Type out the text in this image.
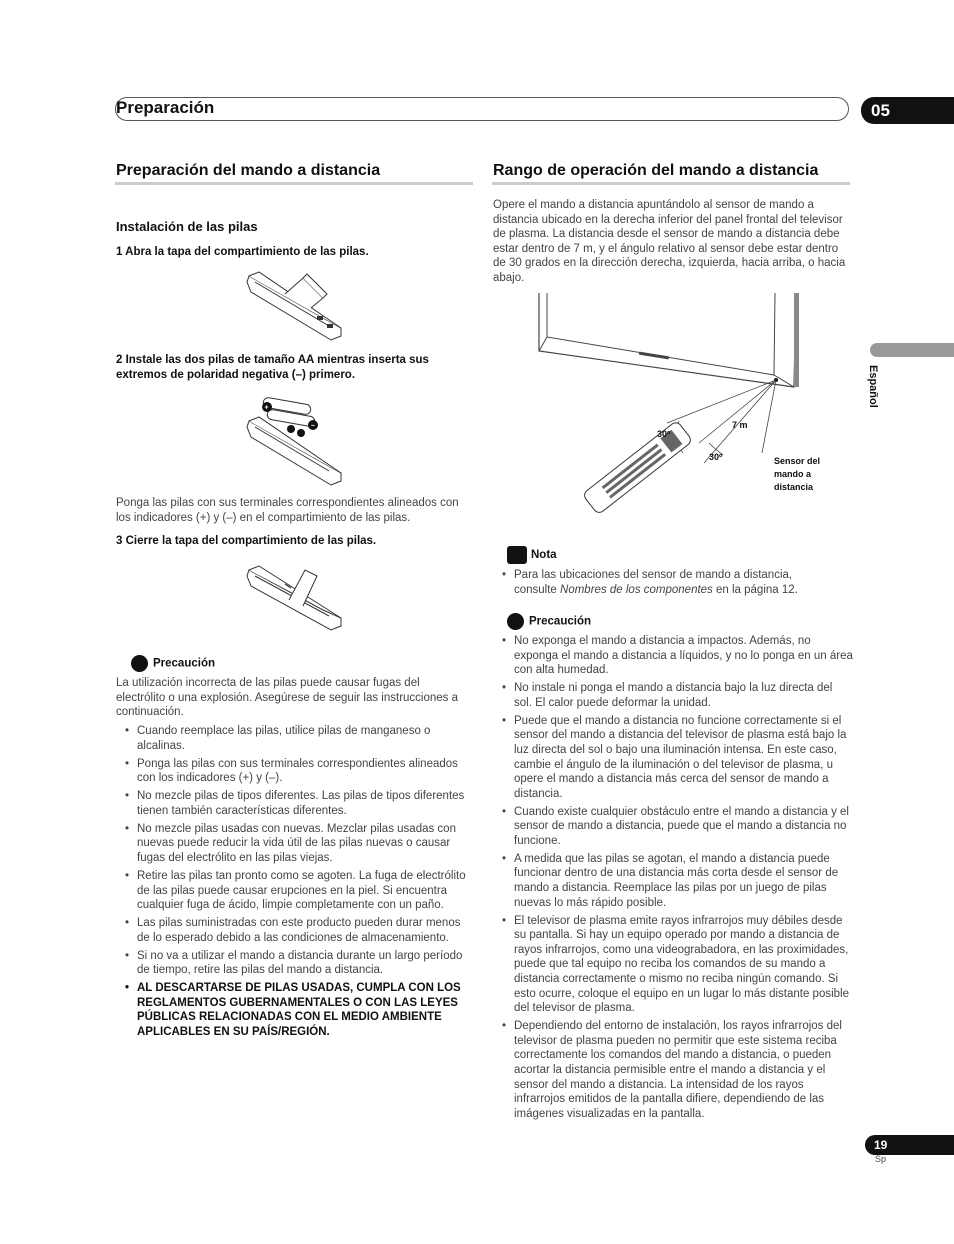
Preparación	05
Preparación del mando a distancia
Instalación de las pilas
1 Abra la tapa del compartimiento de las pilas.
2 Instale las dos pilas de tamaño AA mientras inserta sus extremos de polaridad negativa (–) primero.
+
–
Ponga las pilas con sus terminales correspondientes alineados con los indicadores (+) y (–) en el compartimiento de las pilas.
3 Cierre la tapa del compartimiento de las pilas.
Precaución
La utilización incorrecta de las pilas puede causar fugas del electrólito o una explosión. Asegúrese de seguir las instrucciones a continuación.
• Cuando reemplace las pilas, utilice pilas de manganeso o alcalinas.
• Ponga las pilas con sus terminales correspondientes alineados con los indicadores (+) y (–).
• No mezcle pilas de tipos diferentes. Las pilas de tipos diferentes tienen también características diferentes.
• No mezcle pilas usadas con nuevas. Mezclar pilas usadas con nuevas puede reducir la vida útil de las pilas nuevas o causar fugas del electrólito en las pilas viejas.
• Retire las pilas tan pronto como se agoten. La fuga de electrólito de las pilas puede causar erupciones en la piel. Si encuentra cualquier fuga de ácido, limpie completamente con un paño.
• Las pilas suministradas con este producto pueden durar menos de lo esperado debido a las condiciones de almacenamiento.
• Si no va a utilizar el mando a distancia durante un largo período de tiempo, retire las pilas del mando a distancia.
• AL DESCARTARSE DE PILAS USADAS, CUMPLA CON LOS REGLAMENTOS GUBERNAMENTALES O CON LAS LEYES PÚBLICAS RELACIONADAS CON EL MEDIO AMBIENTE APLICABLES EN SU PAÍS/REGIÓN.
Rango de operación del mando a distancia
Opere el mando a distancia apuntándolo al sensor de mando a distancia ubicado en la derecha inferior del panel frontal del televisor de plasma. La distancia desde el sensor de mando a distancia debe estar dentro de 7 m, y el ángulo relativo al sensor debe estar dentro de 30 grados en la dirección derecha, izquierda, hacia arriba, o hacia abajo.
30º
30º
7 m
Sensor del
mando a
distancia
Nota
• Para las ubicaciones del sensor de mando a distancia, consulte Nombres de los componentes en la página 12.
Precaución
• No exponga el mando a distancia a impactos. Además, no exponga el mando a distancia a líquidos, y no lo ponga en un área con alta humedad.
• No instale ni ponga el mando a distancia bajo la luz directa del sol. El calor puede deformar la unidad.
• Puede que el mando a distancia no funcione correctamente si el sensor del mando a distancia del televisor de plasma está bajo la luz directa del sol o bajo una iluminación intensa. En este caso, cambie el ángulo de la iluminación o del televisor de plasma, u opere el mando a distancia más cerca del sensor de mando a distancia.
• Cuando existe cualquier obstáculo entre el mando a distancia y el sensor de mando a distancia, puede que el mando a distancia no funcione.
• A medida que las pilas se agotan, el mando a distancia puede funcionar dentro de una distancia más corta desde el sensor de mando a distancia. Reemplace las pilas por un juego de pilas nuevas lo más rápido posible.
• El televisor de plasma emite rayos infrarrojos muy débiles desde su pantalla. Si hay un equipo operado por mando a distancia de rayos infrarrojos, como una videograbadora, en las proximidades, puede que tal equipo no reciba los comandos de su mando a distancia correctamente o mismo no reciba ningún comando. Si esto ocurre, coloque el equipo en un lugar lo más distante posible del televisor de plasma.
• Dependiendo del entorno de instalación, los rayos infrarrojos del televisor de plasma pueden no permitir que este sistema reciba correctamente los comandos del mando a distancia, o pueden acortar la distancia permisible entre el mando a distancia y el sensor del mando a distancia. La intensidad de los rayos infrarrojos emitidos de la pantalla difiere, dependiendo de las imágenes visualizadas en la pantalla.
Español
19
Sp
